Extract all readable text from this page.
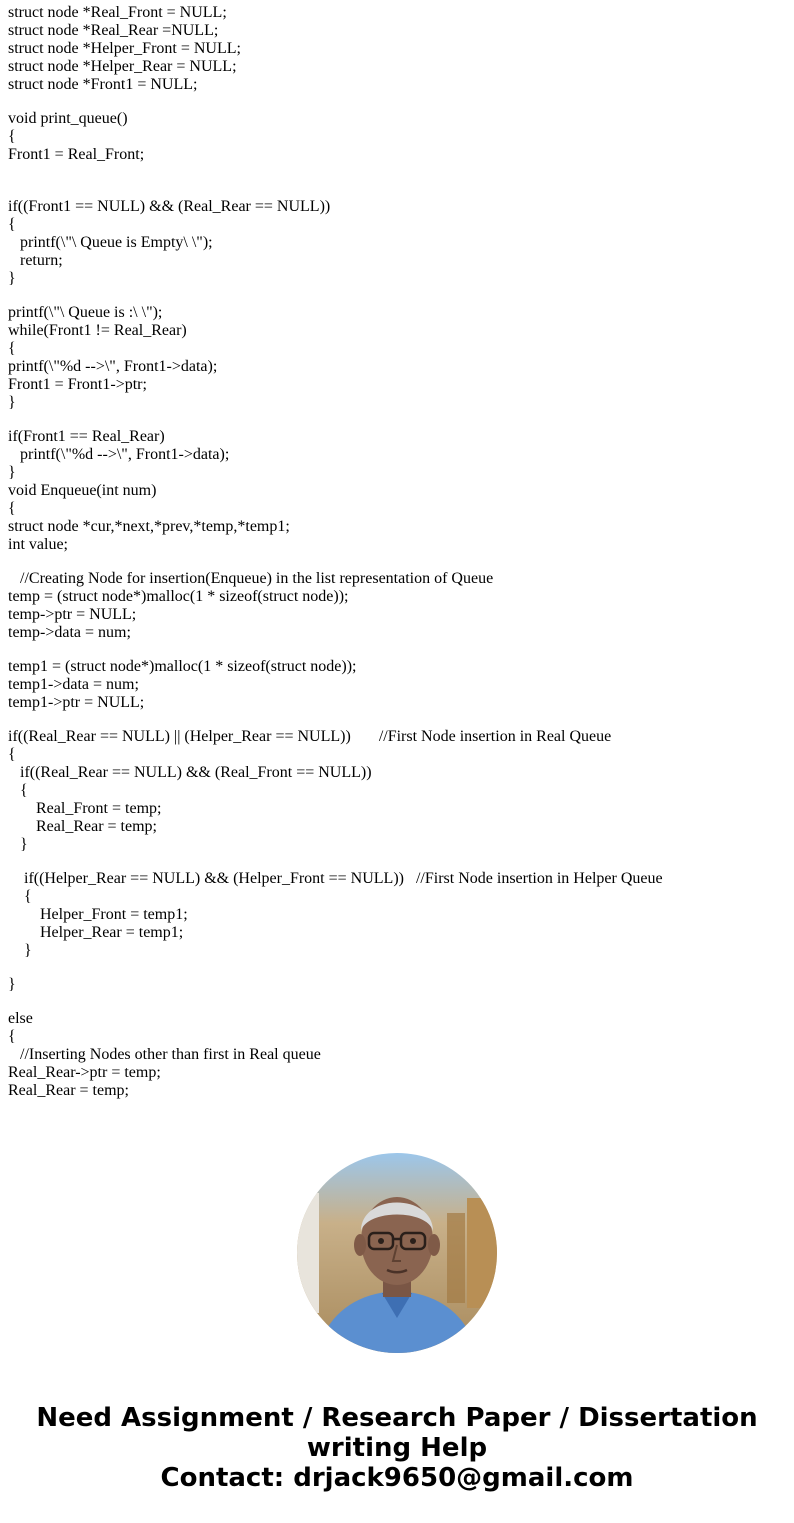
struct node *Real_Front = NULL;
struct node *Real_Rear =NULL;
struct node *Helper_Front = NULL;
struct node *Helper_Rear = NULL;
struct node *Front1 = NULL;
void print_queue()
{
Front1 = Real_Front;
if((Front1 == NULL) && (Real_Rear == NULL))
{
printf(\"\ Queue is Empty\ \");
return;
}
printf(\"\ Queue is :\ \");
while(Front1 != Real_Rear)
{
printf(\"%d -->\", Front1->data);
Front1 = Front1->ptr;
}
if(Front1 == Real_Rear)
printf(\"%d -->\", Front1->data);
}
void Enqueue(int num)
{
struct node *cur,*next,*prev,*temp,*temp1;
int value;
//Creating Node for insertion(Enqueue) in the list representation of Queue
temp = (struct node*)malloc(1 * sizeof(struct node));
temp->ptr = NULL;
temp->data = num;
temp1 = (struct node*)malloc(1 * sizeof(struct node));
temp1->data = num;
temp1->ptr = NULL;
if((Real_Rear == NULL) || (Helper_Rear == NULL))       //First Node insertion in Real Queue
{
if((Real_Rear == NULL) && (Real_Front == NULL))
{
Real_Front = temp;
Real_Rear = temp;
}
if((Helper_Rear == NULL) && (Helper_Front == NULL))   //First Node insertion in Helper Queue
{
Helper_Front = temp1;
Helper_Rear = temp1;
}
}
else
{
//Inserting Nodes other than first in Real queue
Real_Rear->ptr = temp;
Real_Rear = temp;
Need Assignment / Research Paper / Dissertation
writing Help
Contact: drjack9650@gmail.com
